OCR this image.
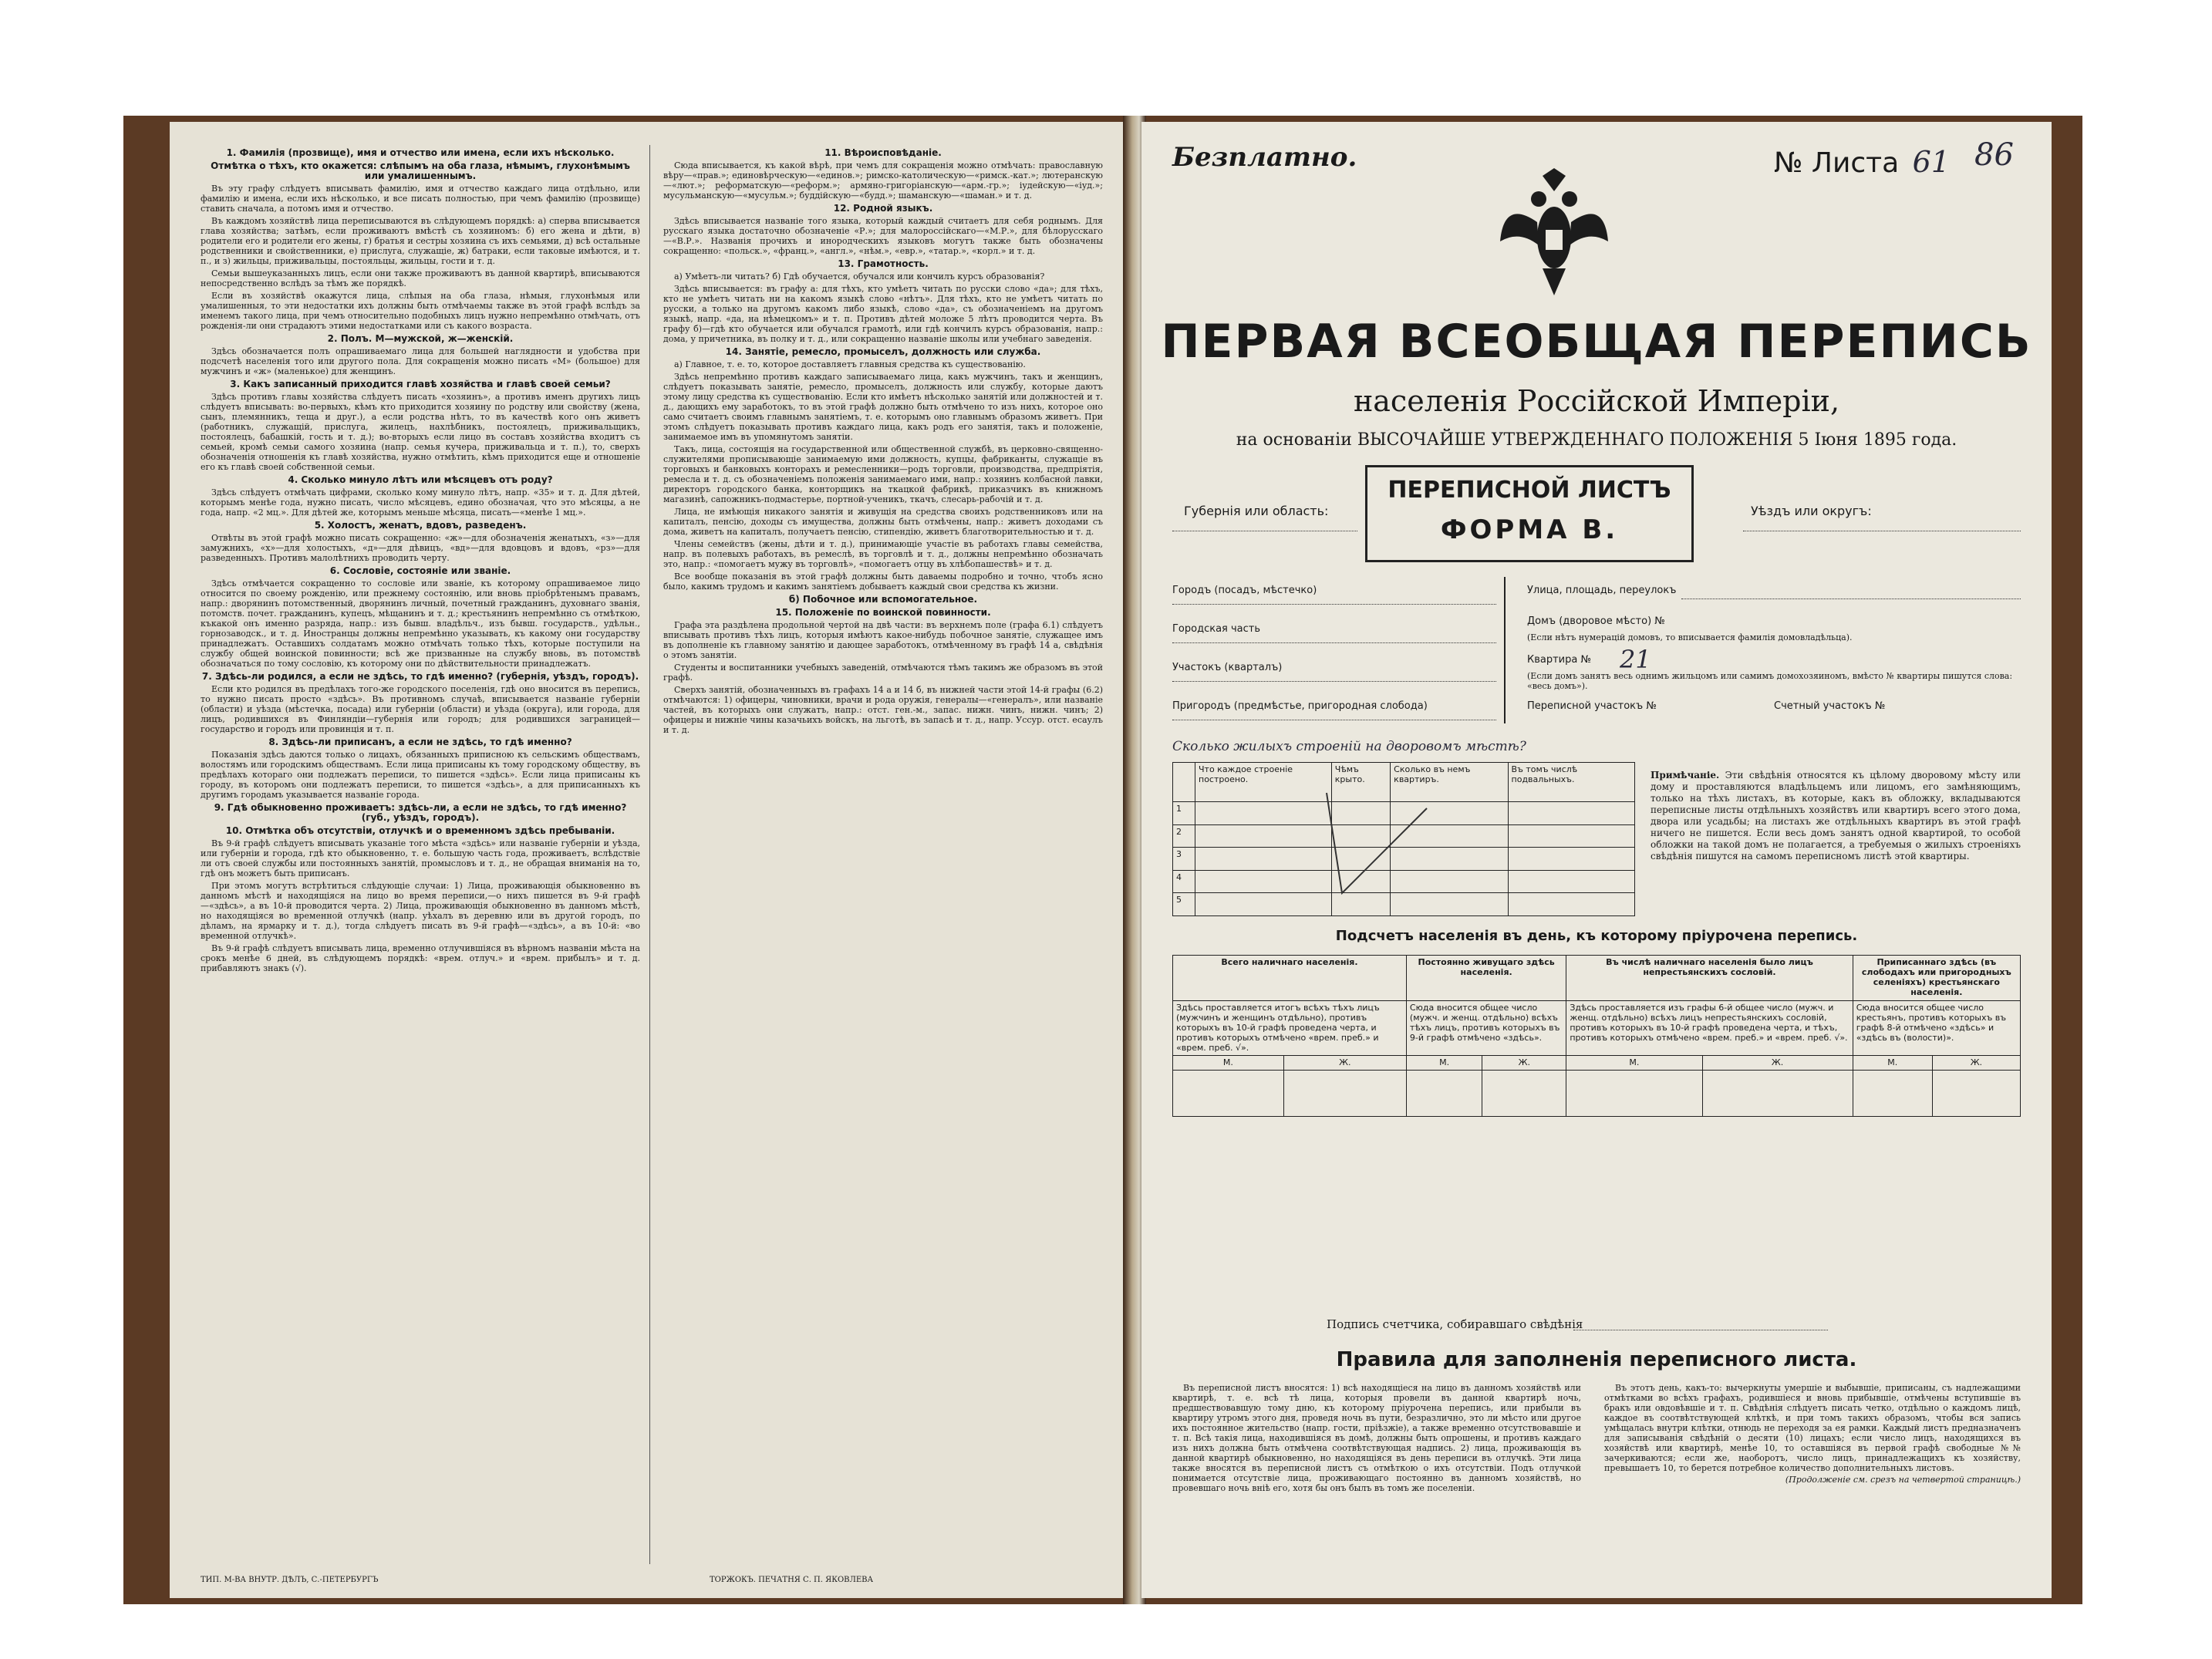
1. Фамилія (прозвище), имя и отчество или имена, если ихъ нѣсколько.
Отмѣтка о тѣхъ, кто окажется: слѣпымъ на оба глаза, нѣмымъ, глухонѣмымъ или умалишеннымъ.

Въ эту графу слѣдуетъ вписывать фамилію, имя и отчество каждаго лица отдѣльно, или фамилію и имена, если ихъ нѣсколько, и все писать полностью, при чемъ фамилію (прозвище) ставить сначала, а потомъ имя и отчество.

Въ каждомъ хозяйствѣ лица переписываются въ слѣдующемъ порядкѣ: а) сперва вписывается глава хозяйства; затѣмъ, если проживаютъ вмѣстѣ съ хозяиномъ: б) его жена и дѣти, в) родители его и родители его жены, г) братья и сестры хозяина съ ихъ семьями, д) всѣ остальные родственники и свойственники, е) прислуга, служащіе, ж) батраки, если таковые имѣются, и т. п., и з) жильцы, приживальцы, постояльцы, жильцы, гости и т. д.

Семьи вышеуказанныхъ лицъ, если они также проживаютъ въ данной квартирѣ, вписываются непосредственно вслѣдъ за тѣмъ же порядкѣ.

Если въ хозяйствѣ окажутся лица, слѣпыя на оба глаза, нѣмыя, глухонѣмыя или умалишенныя, то эти недостатки ихъ должны быть отмѣчаемы также въ этой графѣ вслѣдъ за именемъ такого лица, при чемъ относительно подобныхъ лицъ нужно непремѣнно отмѣчать, отъ рожденія-ли они страдаютъ этими недостатками или съ какого возраста.

2. Полъ. М—мужской, ж—женскій.

Здѣсь обозначается полъ опрашиваемаго лица для большей наглядности и удобства при подсчетѣ населенія того или другого пола. Для сокращенія можно писать «М» (большое) для мужчинъ и «ж» (маленькое) для женщинъ.

3. Какъ записанный приходится главѣ хозяйства и главѣ своей семьи?

Здѣсь противъ главы хозяйства слѣдуетъ писать «хозяинъ», а противъ именъ другихъ лицъ слѣдуетъ вписывать: во-первыхъ, кѣмъ кто приходится хозяину по родству или свойству (жена, сынъ, племянникъ, теща и друг.), а если родства нѣтъ, то въ качествѣ кого онъ живетъ (работникъ, служащій, прислуга, жилецъ, нахлѣбникъ, постоялецъ, приживальщикъ, постоялецъ, бабашкій, гость и т. д.); во-вторыхъ если лицо въ составъ хозяйства входитъ съ семьей, кромѣ семьи самого хозяина (напр. семья кучера, приживальца и т. п.), то, сверхъ обозначенія отношенія къ главѣ хозяйства, нужно отмѣтить, кѣмъ приходится еще и отношеніе его къ главѣ своей собственной семьи.

4. Сколько минуло лѣтъ или мѣсяцевъ отъ роду?

Здѣсь слѣдуетъ отмѣчать цифрами, сколько кому минуло лѣтъ, напр. «35» и т. д. Для дѣтей, которымъ менѣе года, нужно писать, число мѣсяцевъ, едино обозначая, что это мѣсяцы, а не года, напр. «2 мц.». Для дѣтей же, которымъ меньше мѣсяца, писать—«менѣе 1 мц.».

5. Холостъ, женатъ, вдовъ, разведенъ.

Отвѣты въ этой графѣ можно писать сокращенно: «ж»—для обозначенія женатыхъ, «з»—для замужнихъ, «х»—для холостыхъ, «д»—для дѣвицъ, «вд»—для вдовцовъ и вдовъ, «рз»—для разведенныхъ. Противъ малолѣтнихъ проводить черту.

6. Сословіе, состояніе или званіе.

Здѣсь отмѣчается сокращенно то сословіе или званіе, къ которому опрашиваемое лицо относится по своему рожденію, или прежнему состоянію, или вновь пріобрѣтенымъ правамъ, напр.: дворянинъ потомственный, дворянинъ личный, почетный гражданинъ, духовнаго званія, потомств. почет. гражданинъ, купецъ, мѣщанинъ и т. д.; крестьянинъ непремѣнно съ отмѣткою, къкакой онъ именно разряда, напр.: изъ бывш. владѣльч., изъ бывш. государств., удѣльн., горнозаводск., и т. д. Иностранцы должны непремѣнно указывать, къ какому они государству принадлежатъ. Оставшихъ солдатамъ можно отмѣчать только тѣхъ, которые поступили на службу общей воинской повинности; всѣ же призванные на службу вновь, въ потомствѣ обозначаться по тому сословію, къ которому они по дѣйствительности принадлежатъ.

7. Здѣсь-ли родился, а если не здѣсь, то гдѣ именно? (губернія, уѣздъ, городъ).

Если кто родился въ предѣлахъ того-же городского поселенія, гдѣ оно вносится въ перепись, то нужно писать просто «здѣсь». Въ противномъ случаѣ, вписывается названіе губерніи (области) и уѣзда (мѣстечка, посада) или губерніи (области) и уѣзда (округа), или города, для лицъ, родившихся въ Финляндіи—губернія или городъ; для родившихся заграницей—государство и городъ или провинція и т. п.

8. Здѣсь-ли приписанъ, а если не здѣсь, то гдѣ именно?

Показанія здѣсь даются только о лицахъ, обязанныхъ приписною къ сельскимъ обществамъ, волостямъ или городскимъ обществамъ. Если лица приписаны къ тому городскому обществу, въ предѣлахъ котораго они подлежатъ переписи, то пишется «здѣсь». Если лица приписаны къ городу, въ которомъ они подлежатъ переписи, то пишется «здѣсь», а для приписанныхъ къ другимъ городамъ указывается названіе города.

9. Гдѣ обыкновенно проживаетъ: здѣсь-ли, а если не здѣсь, то гдѣ именно? (губ., уѣздъ, городъ).
10. Отмѣтка объ отсутствіи, отлучкѣ и о временномъ здѣсь пребываніи.

Въ 9-й графѣ слѣдуетъ вписывать указаніе того мѣста «здѣсь» или названіе губерніи и уѣзда, или губерніи и города, гдѣ кто обыкновенно, т. е. большую часть года, проживаетъ, вслѣдствіе ли отъ своей службы или постоянныхъ занятій, промысловъ и т. д., не обращая вниманія на то, гдѣ онъ можетъ быть приписанъ.

При этомъ могутъ встрѣтиться слѣдующіе случаи: 1) Лица, проживающія обыкновенно въ данномъ мѣстѣ и находящіяся на лицо во время переписи,—о нихъ пишется въ 9-й графѣ—«здѣсь», а въ 10-й проводится черта. 2) Лица, проживающія обыкновенно въ данномъ мѣстѣ, но находящіяся во временной отлучкѣ (напр. уѣхалъ въ деревню или въ другой городъ, по дѣламъ, на ярмарку и т. д.), тогда слѣдуетъ писать въ 9-й графѣ—«здѣсь», а въ 10-й: «во временной отлучкѣ».

Въ 9-й графѣ слѣдуетъ вписывать лица, временно отлучившіяся въ вѣрномъ названіи мѣста на срокъ менѣе 6 дней, въ слѣдующемъ порядкѣ: «врем. отлуч.» и «врем. прибылъ» и т. д. прибавляютъ знакъ (√).

11. Вѣроисповѣданіе.

Сюда вписывается, къ какой вѣрѣ, при чемъ для сокращенія можно отмѣчать: православную вѣру—«прав.»; единовѣрческую—«единов.»; римско-католическую—«римск.-кат.»; лютеранскую—«лют.»; реформатскую—«реформ.»; армяно-григоріанскую—«арм.-гр.»; іудейскую—«іуд.»; мусульманскую—«мусульм.»; буддійскую—«будд.»; шаманскую—«шаман.» и т. д.

12. Родной языкъ.

Здѣсь вписывается названіе того языка, который каждый считаетъ для себя роднымъ. Для русскаго языка достаточно обозначеніе «Р.»; для малороссійскаго—«М.Р.», для бѣлорусскаго—«В.Р.». Названія прочихъ и инородческихъ языковъ могутъ также быть обозначены сокращенно: «польск.», «франц.», «англ.», «нѣм.», «евр.», «татар.», «корл.» и т. д.

13. Грамотность.

а) Умѣетъ-ли читать? б) Гдѣ обучается, обучался или кончилъ курсъ образованія?

Здѣсь вписывается: въ графу а: для тѣхъ, кто умѣетъ читать по русски слово «да»; для тѣхъ, кто не умѣетъ читать ни на какомъ языкѣ слово «нѣтъ». Для тѣхъ, кто не умѣетъ читать по русски, а только на другомъ какомъ либо языкѣ, слово «да», съ обозначеніемъ на другомъ языкѣ, напр. «да, на нѣмецкомъ» и т. п. Противъ дѣтей моложе 5 лѣтъ проводится черта. Въ графу б)—гдѣ кто обучается или обучался грамотѣ, или гдѣ кончилъ курсъ образованія, напр.: дома, у причетника, въ полку и т. д., или сокращенно названіе школы или учебнаго заведенія.

14. Занятіе, ремесло, промыселъ, должность или служба.

а) Главное, т. е. то, которое доставляетъ главныя средства къ существованію.

Здѣсь непремѣнно противъ каждаго записываемаго лица, какъ мужчинъ, такъ и женщинъ, слѣдуетъ показывать занятіе, ремесло, промыселъ, должность или службу, которые даютъ этому лицу средства къ существованію. Если кто имѣетъ нѣсколько занятій или должностей и т. д., дающихъ ему заработокъ, то въ этой графѣ должно быть отмѣчено то изъ нихъ, которое оно само считаетъ своимъ главнымъ занятіемъ, т. е. которымъ оно главнымъ образомъ живетъ. При этомъ слѣдуетъ показывать противъ каждаго лица, какъ родъ его занятія, такъ и положеніе, занимаемое имъ въ упомянутомъ занятіи.

Такъ, лица, состоящія на государственной или общественной службѣ, въ церковно-священно-служителями прописывающіе занимаемую ими должность, купцы, фабриканты, служащіе въ торговыхъ и банковыхъ конторахъ и ремесленники—родъ торговли, производства, предпріятія, ремесла и т. д. съ обозначеніемъ положенія занимаемаго ими, напр.: хозяинъ колбасной лавки, директоръ городского банка, конторщикъ на ткацкой фабрикѣ, приказчикъ въ книжномъ магазинѣ, сапожникъ-подмастерье, портной-ученикъ, ткачъ, слесарь-рабочій и т. д.

Лица, не имѣющія никакого занятія и живущія на средства своихъ родственниковъ или на капиталъ, пенсію, доходы съ имущества, должны быть отмѣчены, напр.: живетъ доходами съ дома, живетъ на капиталъ, получаетъ пенсію, стипендію, живетъ благотворительностью и т. д.

Члены семействъ (жены, дѣти и т. д.), принимающіе участіе въ работахъ главы семейства, напр. въ полевыхъ работахъ, въ ремеслѣ, въ торговлѣ и т. д., должны непремѣнно обозначать это, напр.: «помогаетъ мужу въ торговлѣ», «помогаетъ отцу въ хлѣбопашествѣ» и т. д.

Все вообще показанія въ этой графѣ должны быть даваемы подробно и точно, чтобъ ясно было, какимъ трудомъ и какимъ занятіемъ добываетъ каждый свои средства къ жизни.

б) Побочное или вспомогательное.
15. Положеніе по воинской повинности.

Графа эта раздѣлена продольной чертой на двѣ части: въ верхнемъ поле (графа 6.1) слѣдуетъ вписывать противъ тѣхъ лицъ, которыя имѣютъ какое-нибудь побочное занятіе, служащее имъ въ дополненіе къ главному занятію и дающее заработокъ, отмѣченному въ графѣ 14 а, свѣдѣнія о этомъ занятіи.

Студенты и воспитанники учебныхъ заведеній, отмѣчаются тѣмъ такимъ же образомъ въ этой графѣ.

Сверхъ занятій, обозначенныхъ въ графахъ 14 а и 14 б, въ нижней части этой 14-й графы (6.2) отмѣчаются: 1) офицеры, чиновники, врачи и рода оружія, генералы—«генералъ», или названіе частей, въ которыхъ они служатъ, напр.: отст. ген.-м., запас. нижн. чинъ, нижн. чинъ; 2) офицеры и нижніе чины казачьихъ войскъ, на льготѣ, въ запасѣ и т. д., напр. Уссур. отст. есаулъ и т. д.

ТИП. М-ВА ВНУТР. ДѢЛЪ, С.-ПЕТЕРБУРГЪ	ТОРЖОКЪ. ПЕЧАТНЯ С. П. ЯКОВЛЕВА
Безплатно.	№ Листа 61 86
ПЕРВАЯ ВСЕОБЩАЯ ПЕРЕПИСЬ
населенія Россійской Имперіи,
на основаніи ВЫСОЧАЙШЕ УТВЕРЖДЕННАГО ПОЛОЖЕНІЯ 5 Іюня 1895 года.
Губернія или область:
ПЕРЕПИСНОЙ ЛИСТЪ
ФОРМА В.
Уѣздъ или округъ:
Городъ (посадъ, мѣстечко)
Городская часть
Участокъ (кварталъ)
Пригородъ (предмѣстье, пригородная слобода)
Улица, площадь, переулокъ
Домъ (дворовое мѣсто) №
(Если нѣтъ нумерацій домовъ, то вписывается фамилія домовладѣльца).
Квартира № 21
(Если домъ занятъ весь однимъ жильцомъ или самимъ домохозяиномъ, вмѣсто № квартиры пишутся слова: «весь домъ»).
Переписной участокъ №	Счетный участокъ №
Сколько жилыхъ строеній на дворовомъ мѣстѣ?
	Что каждое строеніе построено.	Чѣмъ крыто.	Сколько въ немъ квартиръ.	Въ томъ числѣ подвальныхъ.
1				
2				
3				
4				
5				
Примѣчаніе. Эти свѣдѣнія относятся къ цѣлому дворовому мѣсту или дому и проставляются владѣльцемъ или лицомъ, его замѣняющимъ, только на тѣхъ листахъ, въ которые, какъ въ обложку, вкладываются переписные листы отдѣльныхъ хозяйствъ или квартиръ всего этого дома, двора или усадьбы; на листахъ же отдѣльныхъ квартиръ въ этой графѣ ничего не пишется. Если весь домъ занятъ одной квартирой, то особой обложки на такой домъ не полагается, а требуемыя о жилыхъ строеніяхъ свѣдѣнія пишутся на самомъ переписномъ листѣ этой квартиры.
Подсчетъ населенія въ день, къ которому пріурочена перепись.
Всего наличнаго населенія.		Постоянно живущаго здѣсь населенія.		Въ числѣ наличнаго населенія было лицъ непрестьянскихъ сословій.		Приписаннаго здѣсь (въ слободахъ или пригородныхъ селеніяхъ) крестьянскаго населенія.	
Здѣсь проставляется итогъ всѣхъ тѣхъ лицъ (мужчинъ и женщинъ отдѣльно), противъ которыхъ въ 10-й графѣ проведена черта, и противъ которыхъ отмѣчено «врем. преб.» и «врем. преб. √».		Сюда вносится общее число (мужч. и женщ. отдѣльно) всѣхъ тѣхъ лицъ, противъ которыхъ въ 9-й графѣ отмѣчено «здѣсь».		Здѣсь проставляется изъ графы 6-й общее число (мужч. и женщ. отдѣльно) всѣхъ лицъ непрестьянскихъ сословій, противъ которыхъ въ 10-й графѣ проведена черта, и тѣхъ, противъ которыхъ отмѣчено «врем. преб.» и «врем. преб. √».		Сюда вносится общее число крестьянъ, противъ которыхъ въ графѣ 8-й отмѣчено «здѣсь» и «здѣсь въ (волости)».	
М.	Ж.	М.	Ж.	М.	Ж.	М.	Ж.

Подпись счетчика, собиравшаго свѣдѣнія
Правила для заполненія переписного листа.

Въ переписной листъ вносятся: 1) всѣ находящіеся на лицо въ данномъ хозяйствѣ или квартирѣ, т. е. всѣ тѣ лица, которыя провели въ данной квартирѣ ночь, предшествовавшую тому дню, къ которому пріурочена перепись, или прибыли въ квартиру утромъ этого дня, проведя ночь въ пути, безразлично, это ли мѣсто или другое ихъ постоянное жительство (напр. гости, пріѣзжіе), а также временно отсутствовавшіе и т. п. Всѣ такія лица, находившіяся въ домѣ, должны быть опрошены, и противъ каждаго изъ нихъ должна быть отмѣчена соотвѣтствующая надпись. 2) лица, проживающія въ данной квартирѣ обыкновенно, но находящіяся въ день переписи въ отлучкѣ. Эти лица также вносятся въ переписной листъ съ отмѣткою о ихъ отсутствіи. Подъ отлучкой понимается отсутствіе лица, проживающаго постоянно въ данномъ хозяйствѣ, но провевшаго ночь вніѣ его, хотя бы онъ былъ въ томъ же поселеніи.

Въ этотъ день, какъ-то: вычеркнуты умершіе и выбывшіе, приписаны, съ надлежащими отмѣтками во всѣхъ графахъ, родившіеся и вновь прибывшіе, отмѣчены вступившіе въ бракъ или овдовѣвшіе и т. п. Свѣдѣнія слѣдуетъ писать четко, отдѣльно о каждомъ лицѣ, каждое въ соотвѣтствующей клѣткѣ, и при томъ такихъ образомъ, чтобы вся запись умѣщалась внутри клѣтки, отнюдь не переходя за ея рамки. Каждый листъ предназначенъ для записыванія свѣдѣній о десяти (10) лицахъ; если число лицъ, находящихся въ хозяйствѣ или квартирѣ, менѣе 10, то оставшіяся въ первой графѣ свободные №№ зачеркиваются; если же, наоборотъ, число лицъ, принадлежащихъ къ хозяйству, превышаетъ 10, то берется потребное количество дополнительныхъ листовъ.

(Продолженіе см. срезъ на четвертой страницѣ.)
